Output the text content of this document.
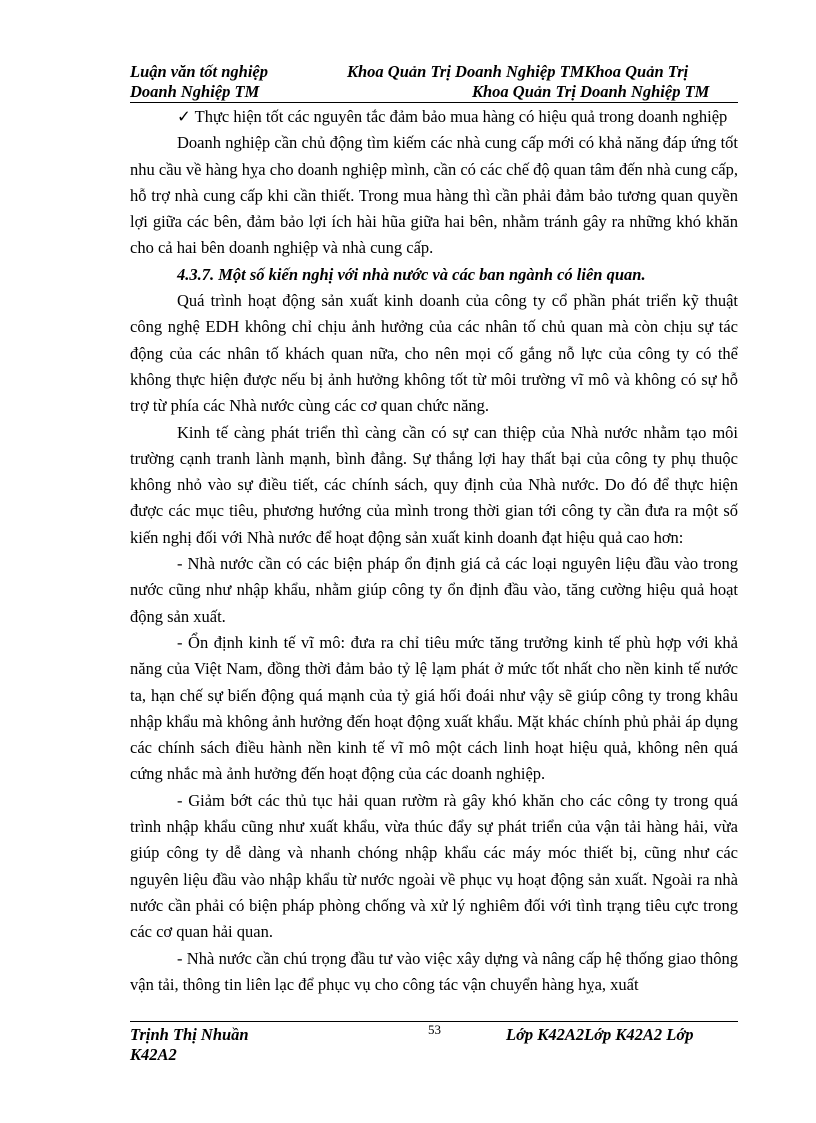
Luận văn tốt nghiệp	Khoa Quản Trị Doanh Nghiệp TMKhoa Quản Trị
Doanh Nghiệp TM	Khoa Quản Trị Doanh Nghiệp TM

✓ Thực hiện tốt các nguyên tắc đảm bảo mua hàng có hiệu quả trong doanh nghiệp

Doanh nghiệp cần chủ động tìm kiếm các nhà cung cấp mới có khả năng đáp ứng tốt nhu cầu về hàng hỵa cho doanh nghiệp mình, cần có các chế độ quan tâm đến nhà cung cấp, hỗ trợ nhà cung cấp khi cần thiết. Trong mua hàng thì cần phải đảm bảo tương quan quyền lợi giữa các bên, đảm bảo lợi ích hài hũa giữa hai bên, nhằm tránh gây ra những khó khăn cho cả hai bên doanh nghiệp và nhà cung cấp.

4.3.7. Một số kiến nghị với nhà nước và các ban ngành có liên quan.

Quá trình hoạt động sản xuất kinh doanh của công ty cổ phần phát triển kỹ thuật công nghệ EDH không chỉ chịu ảnh hưởng của các nhân tố chủ quan mà còn chịu sự tác động của các nhân tố khách quan nữa, cho nên mọi cố gắng nỗ lực của công ty có thể không thực hiện được nếu bị ảnh hưởng không tốt từ môi trường vĩ mô và không có sự hỗ trợ từ phía các Nhà nước cùng các cơ quan chức năng.

Kinh tế càng phát triển thì càng cần có sự can thiệp của Nhà nước nhằm tạo môi trường cạnh tranh lành mạnh, bình đẳng. Sự thắng lợi hay thất bại của công ty phụ thuộc không nhỏ vào sự điều tiết, các chính sách, quy định của Nhà nước. Do đó để thực hiện được các mục tiêu, phương hướng của mình trong thời gian tới công ty cần đưa ra một số kiến nghị đối với Nhà nước để hoạt động sản xuất kinh doanh đạt hiệu quả cao hơn:

- Nhà nước cần có các biện pháp ổn định giá cả các loại nguyên liệu đầu vào trong nước cũng như nhập khẩu, nhằm giúp công ty ổn định đầu vào, tăng cường hiệu quả hoạt động sản xuất.

- Ổn định kinh tế vĩ mô: đưa ra chỉ tiêu mức tăng trưởng kinh tế phù hợp với khả năng của Việt Nam, đồng thời đảm bảo tỷ lệ lạm phát ở mức tốt nhất cho nền kinh tế nước ta, hạn chế sự biến động quá mạnh của tỷ giá hối đoái như vậy sẽ giúp công ty trong khâu nhập khẩu mà không ảnh hưởng đến hoạt động xuất khẩu. Mặt khác chính phủ phải áp dụng các chính sách điều hành nền kinh tế vĩ mô một cách linh hoạt hiệu quả, không nên quá cứng nhắc mà ảnh hưởng đến hoạt động của các doanh nghiệp.

- Giảm bớt các thủ tục hải quan rườm rà gây khó khăn cho các công ty trong quá trình nhập khẩu cũng như xuất khẩu, vừa thúc đẩy sự phát triển của vận tải hàng hải, vừa giúp công ty dễ dàng và nhanh chóng nhập khẩu các máy móc thiết bị, cũng như các nguyên liệu đầu vào nhập khẩu từ nước ngoài về phục vụ hoạt động sản xuất. Ngoài ra nhà nước cần phải có biện pháp phòng chống và xử lý nghiêm đối với tình trạng tiêu cực trong các cơ quan hải quan.

- Nhà nước cần chú trọng đầu tư vào việc xây dựng và nâng cấp hệ thống giao thông vận tải, thông tin liên lạc để phục vụ cho công tác vận chuyển hàng hỵa, xuất

Trịnh Thị Nhuần	53	Lớp K42A2Lớp K42A2 Lớp
K42A2
